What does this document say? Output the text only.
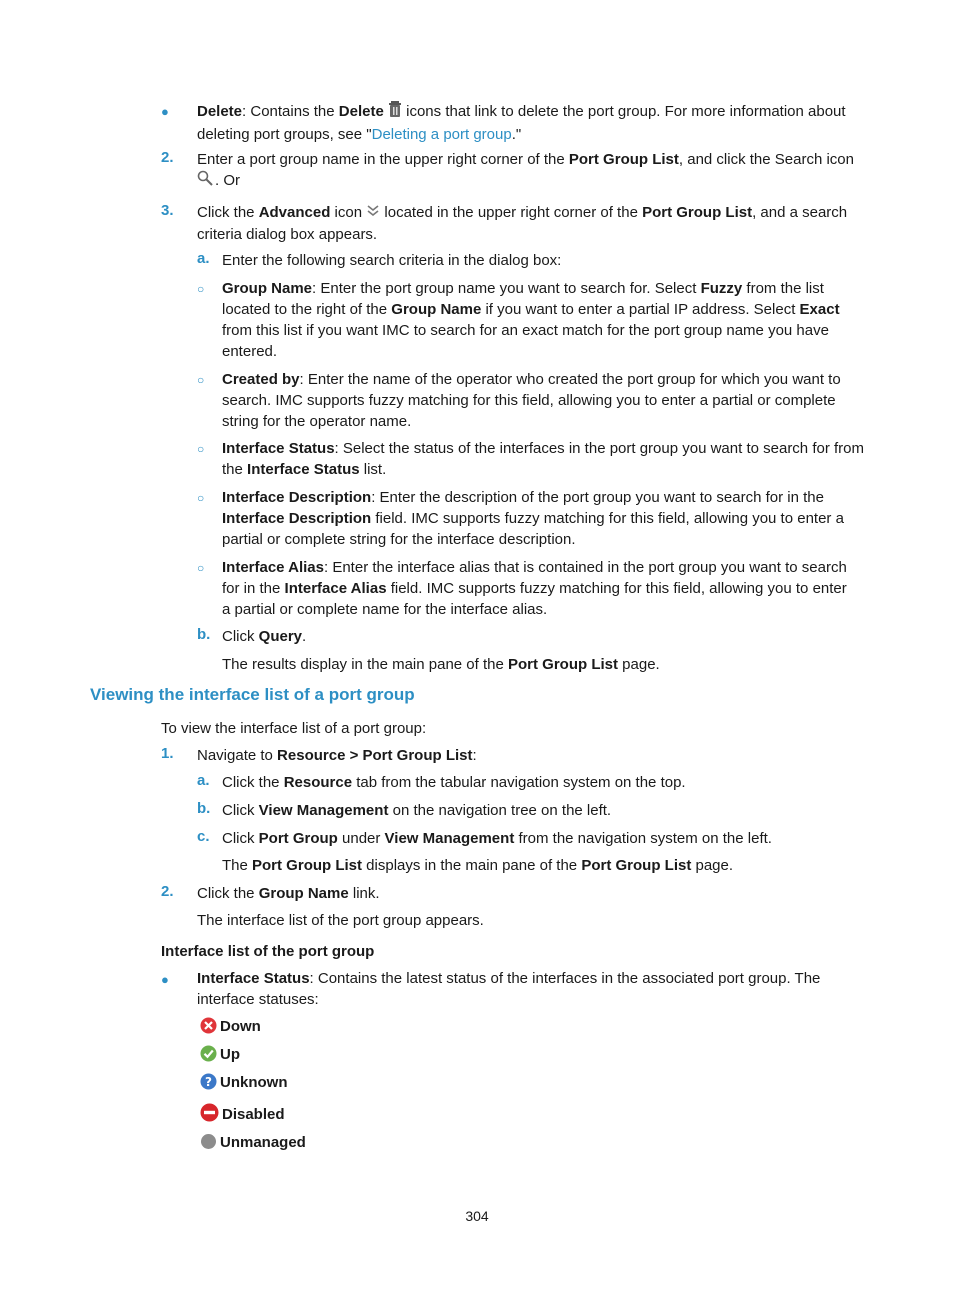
● Delete: Contains the Delete  icons that link to delete the port group. For more information about
deleting port groups, see "Deleting a port group."
2. Enter a port group name in the upper right corner of the Port Group List, and click the Search icon
. Or
3. Click the Advanced icon  located in the upper right corner of the Port Group List, and a search
criteria dialog box appears.
a. Enter the following search criteria in the dialog box:
○ Group Name: Enter the port group name you want to search for. Select Fuzzy from the list
located to the right of the Group Name if you want to enter a partial IP address. Select Exact
from this list if you want IMC to search for an exact match for the port group name you have
entered.
○ Created by: Enter the name of the operator who created the port group for which you want to
search. IMC supports fuzzy matching for this field, allowing you to enter a partial or complete
string for the operator name.
○ Interface Status: Select the status of the interfaces in the port group you want to search for from
the Interface Status list.
○ Interface Description: Enter the description of the port group you want to search for in the
Interface Description field. IMC supports fuzzy matching for this field, allowing you to enter a
partial or complete string for the interface description.
○ Interface Alias: Enter the interface alias that is contained in the port group you want to search
for in the Interface Alias field. IMC supports fuzzy matching for this field, allowing you to enter
a partial or complete name for the interface alias.
b. Click Query.
The results display in the main pane of the Port Group List page.
Viewing the interface list of a port group
To view the interface list of a port group:
1. Navigate to Resource > Port Group List:
a. Click the Resource tab from the tabular navigation system on the top.
b. Click View Management on the navigation tree on the left.
c. Click Port Group under View Management from the navigation system on the left.
The Port Group List displays in the main pane of the Port Group List page.
2. Click the Group Name link.
The interface list of the port group appears.
Interface list of the port group
● Interface Status: Contains the latest status of the interfaces in the associated port group. The
interface statuses:
Down
Up
? Unknown
Disabled
Unmanaged
304
